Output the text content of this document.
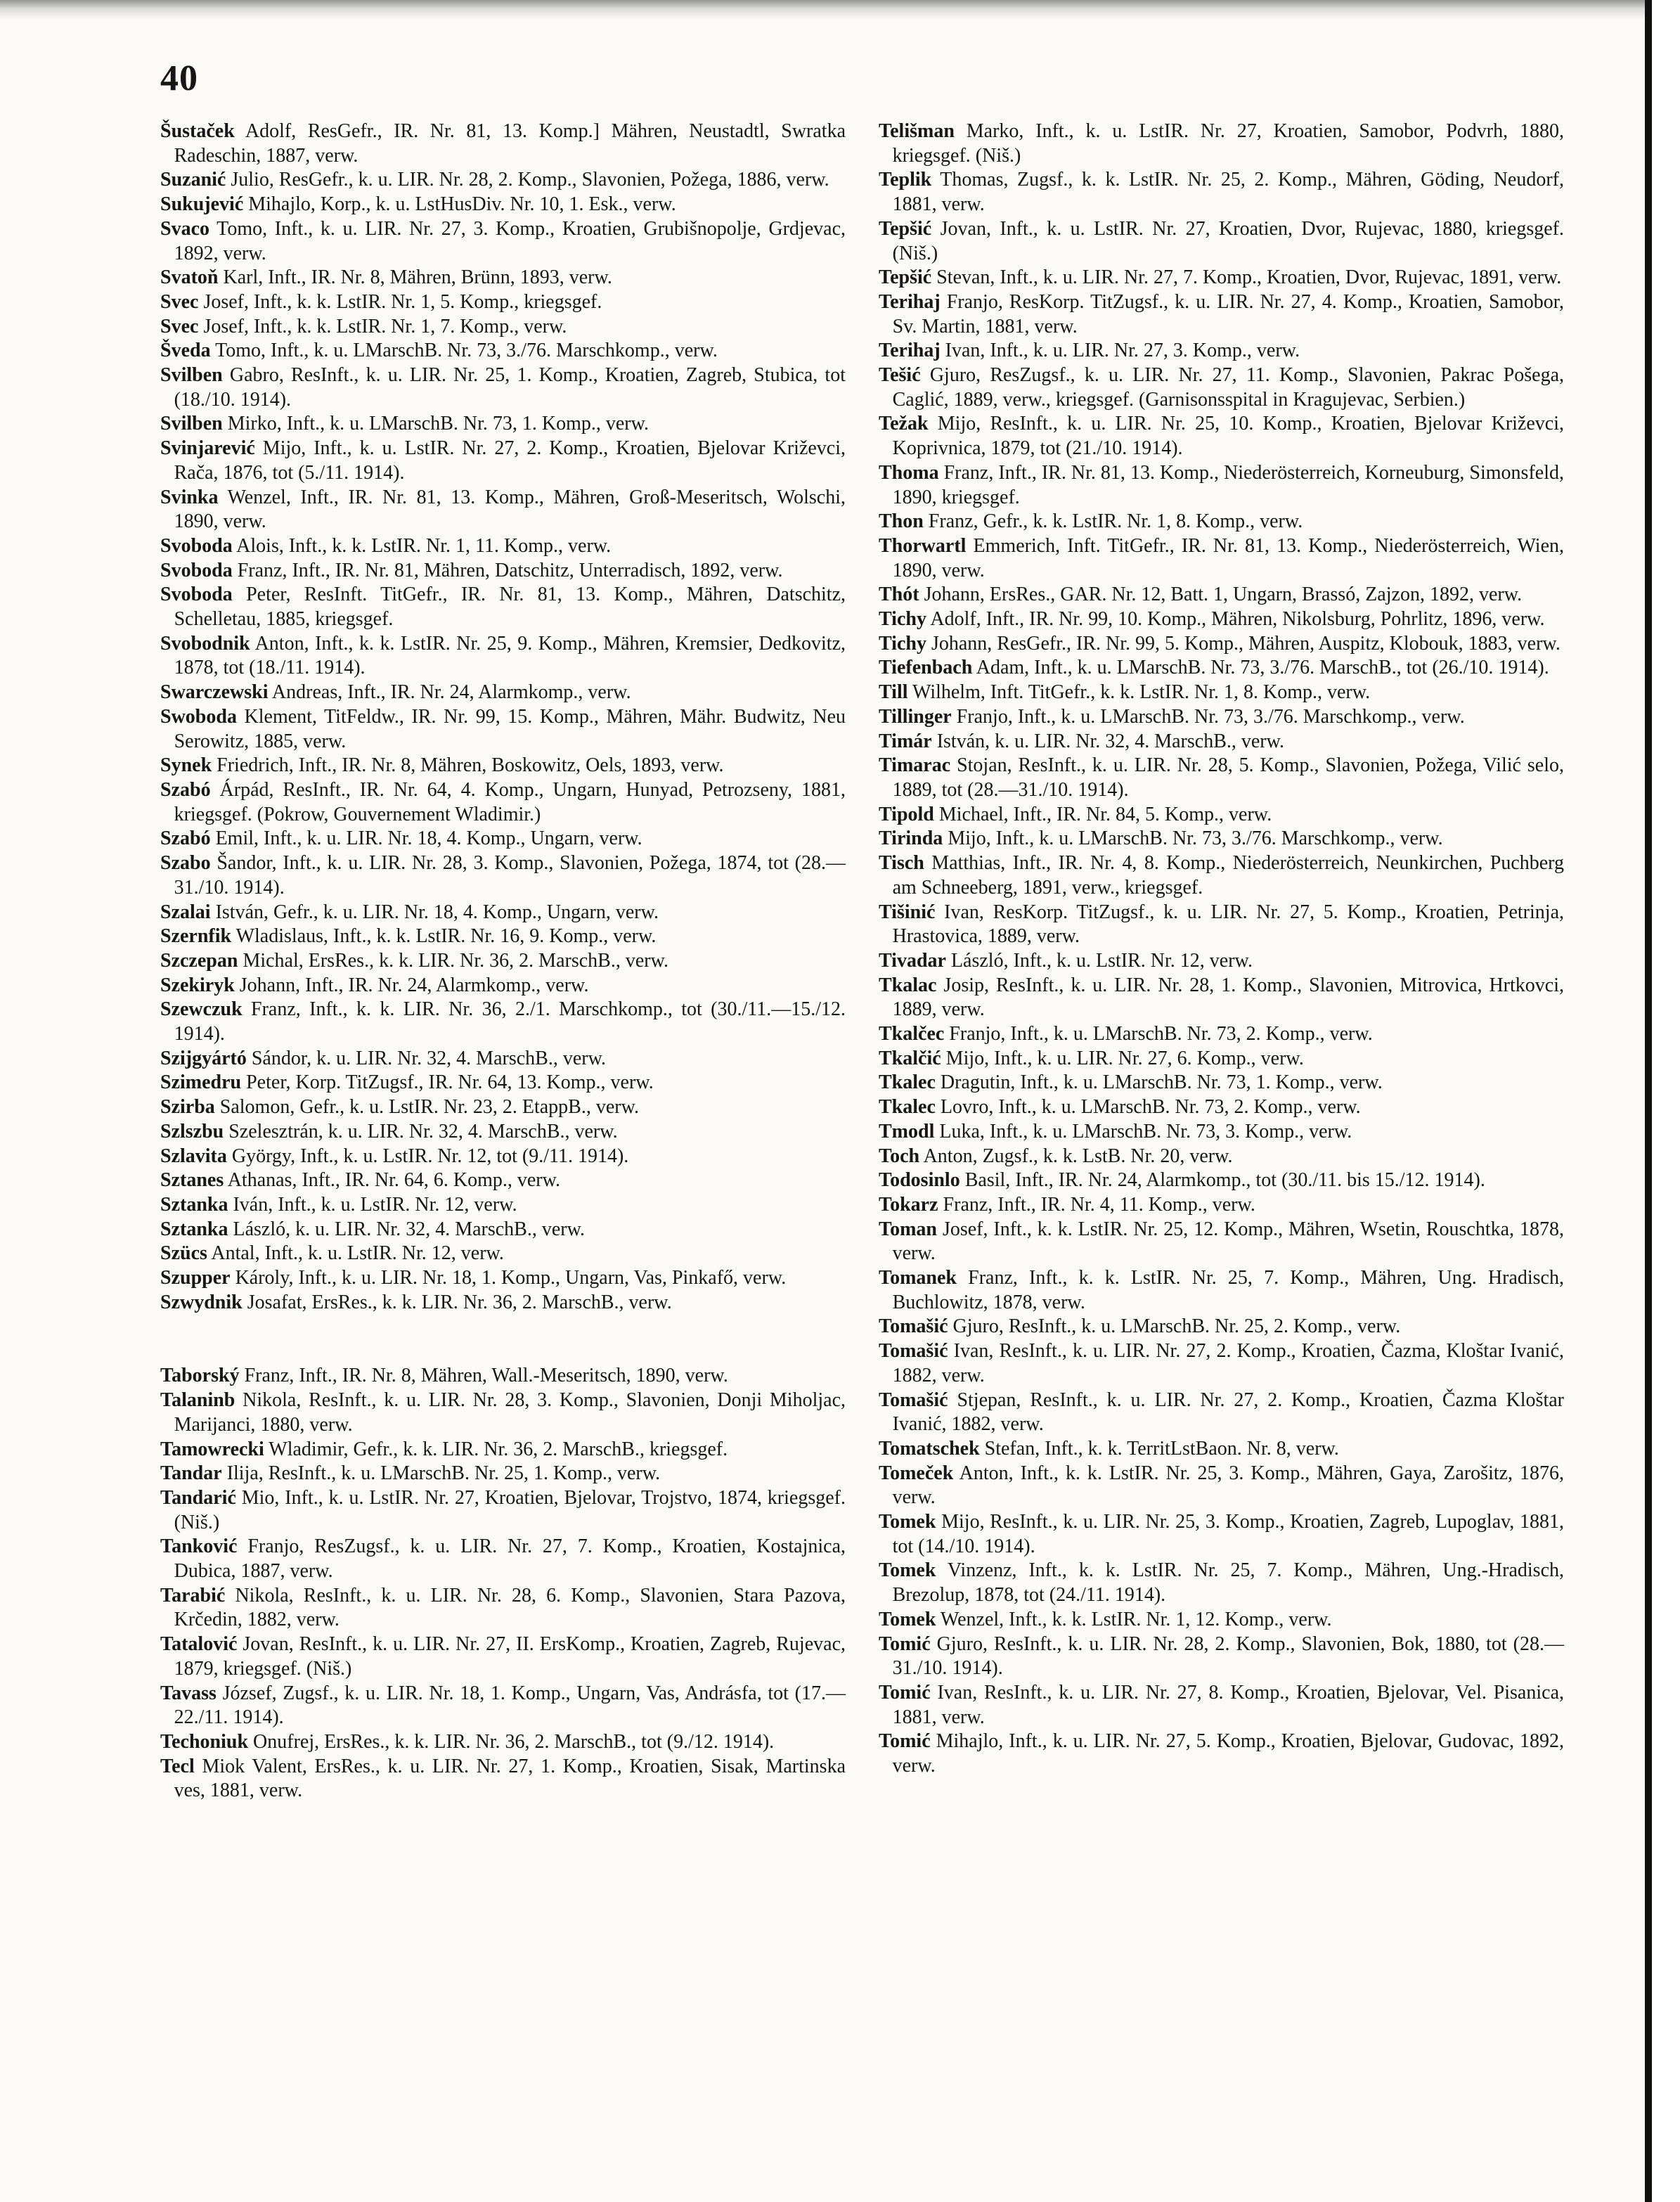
40

Šustaček Adolf, ResGefr., IR. Nr. 81, 13. Komp.] Mähren, Neustadtl, Swratka Radeschin, 1887, verw.

Suzanić Julio, ResGefr., k. u. LIR. Nr. 28, 2. Komp., Slavonien, Požega, 1886, verw.

Sukujević Mihajlo, Korp., k. u. LstHusDiv. Nr. 10, 1. Esk., verw.

Svaco Tomo, Inft., k. u. LIR. Nr. 27, 3. Komp., Kroatien, Grubišnopolje, Grdjevac, 1892, verw.

Svatoň Karl, Inft., IR. Nr. 8, Mähren, Brünn, 1893, verw.

Svec Josef, Inft., k. k. LstIR. Nr. 1, 5. Komp., kriegsgef.

Svec Josef, Inft., k. k. LstIR. Nr. 1, 7. Komp., verw.

Šveda Tomo, Inft., k. u. LMarschB. Nr. 73, 3./76. Marschkomp., verw.

Svilben Gabro, ResInft., k. u. LIR. Nr. 25, 1. Komp., Kroatien, Zagreb, Stubica, tot (18./10. 1914).

Svilben Mirko, Inft., k. u. LMarschB. Nr. 73, 1. Komp., verw.

Svinjarević Mijo, Inft., k. u. LstIR. Nr. 27, 2. Komp., Kroatien, Bjelovar Križevci, Rača, 1876, tot (5./11. 1914).

Svinka Wenzel, Inft., IR. Nr. 81, 13. Komp., Mähren, Groß-Meseritsch, Wolschi, 1890, verw.

Svoboda Alois, Inft., k. k. LstIR. Nr. 1, 11. Komp., verw.

Svoboda Franz, Inft., IR. Nr. 81, Mähren, Datschitz, Unterradisch, 1892, verw.

Svoboda Peter, ResInft. TitGefr., IR. Nr. 81, 13. Komp., Mähren, Datschitz, Schelletau, 1885, kriegsgef.

Svobodnik Anton, Inft., k. k. LstIR. Nr. 25, 9. Komp., Mähren, Kremsier, Dedkovitz, 1878, tot (18./11. 1914).

Swarczewski Andreas, Inft., IR. Nr. 24, Alarmkomp., verw.

Swoboda Klement, TitFeldw., IR. Nr. 99, 15. Komp., Mähren, Mähr. Budwitz, Neu Serowitz, 1885, verw.

Synek Friedrich, Inft., IR. Nr. 8, Mähren, Boskowitz, Oels, 1893, verw.

Szabó Árpád, ResInft., IR. Nr. 64, 4. Komp., Ungarn, Hunyad, Petrozseny, 1881, kriegsgef. (Pokrow, Gouvernement Wladimir.)

Szabó Emil, Inft., k. u. LIR. Nr. 18, 4. Komp., Ungarn, verw.

Szabo Šandor, Inft., k. u. LIR. Nr. 28, 3. Komp., Slavonien, Požega, 1874, tot (28.—31./10. 1914).

Szalai István, Gefr., k. u. LIR. Nr. 18, 4. Komp., Ungarn, verw.

Szernfik Wladislaus, Inft., k. k. LstIR. Nr. 16, 9. Komp., verw.

Szczepan Michal, ErsRes., k. k. LIR. Nr. 36, 2. MarschB., verw.

Szekiryk Johann, Inft., IR. Nr. 24, Alarmkomp., verw.

Szewczuk Franz, Inft., k. k. LIR. Nr. 36, 2./1. Marschkomp., tot (30./11.—15./12. 1914).

Szijgyártó Sándor, k. u. LIR. Nr. 32, 4. MarschB., verw.

Szimedru Peter, Korp. TitZugsf., IR. Nr. 64, 13. Komp., verw.

Szirba Salomon, Gefr., k. u. LstIR. Nr. 23, 2. EtappB., verw.

Szlszbu Szelesztrán, k. u. LIR. Nr. 32, 4. MarschB., verw.

Szlavita György, Inft., k. u. LstIR. Nr. 12, tot (9./11. 1914).

Sztanes Athanas, Inft., IR. Nr. 64, 6. Komp., verw.

Sztanka Iván, Inft., k. u. LstIR. Nr. 12, verw.

Sztanka László, k. u. LIR. Nr. 32, 4. MarschB., verw.

Szücs Antal, Inft., k. u. LstIR. Nr. 12, verw.

Szupper Károly, Inft., k. u. LIR. Nr. 18, 1. Komp., Ungarn, Vas, Pinkafő, verw.

Szwydnik Josafat, ErsRes., k. k. LIR. Nr. 36, 2. MarschB., verw.

Taborský Franz, Inft., IR. Nr. 8, Mähren, Wall.-Meseritsch, 1890, verw.

Talaninb Nikola, ResInft., k. u. LIR. Nr. 28, 3. Komp., Slavonien, Donji Miholjac, Marijanci, 1880, verw.

Tamowrecki Wladimir, Gefr., k. k. LIR. Nr. 36, 2. MarschB., kriegsgef.

Tandar Ilija, ResInft., k. u. LMarschB. Nr. 25, 1. Komp., verw.

Tandarić Mio, Inft., k. u. LstIR. Nr. 27, Kroatien, Bjelovar, Trojstvo, 1874, kriegsgef. (Niš.)

Tanković Franjo, ResZugsf., k. u. LIR. Nr. 27, 7. Komp., Kroatien, Kostajnica, Dubica, 1887, verw.

Tarabić Nikola, ResInft., k. u. LIR. Nr. 28, 6. Komp., Slavonien, Stara Pazova, Krčedin, 1882, verw.

Tatalović Jovan, ResInft., k. u. LIR. Nr. 27, II. ErsKomp., Kroatien, Zagreb, Rujevac, 1879, kriegsgef. (Niš.)

Tavass József, Zugsf., k. u. LIR. Nr. 18, 1. Komp., Ungarn, Vas, Andrásfa, tot (17.—22./11. 1914).

Techoniuk Onufrej, ErsRes., k. k. LIR. Nr. 36, 2. MarschB., tot (9./12. 1914).

Tecl Miok Valent, ErsRes., k. u. LIR. Nr. 27, 1. Komp., Kroatien, Sisak, Martinska ves, 1881, verw.

Telišman Marko, Inft., k. u. LstIR. Nr. 27, Kroatien, Samobor, Podvrh, 1880, kriegsgef. (Niš.)

Teplik Thomas, Zugsf., k. k. LstIR. Nr. 25, 2. Komp., Mähren, Göding, Neudorf, 1881, verw.

Tepšić Jovan, Inft., k. u. LstIR. Nr. 27, Kroatien, Dvor, Rujevac, 1880, kriegsgef. (Niš.)

Tepšić Stevan, Inft., k. u. LIR. Nr. 27, 7. Komp., Kroatien, Dvor, Rujevac, 1891, verw.

Terihaj Franjo, ResKorp. TitZugsf., k. u. LIR. Nr. 27, 4. Komp., Kroatien, Samobor, Sv. Martin, 1881, verw.

Terihaj Ivan, Inft., k. u. LIR. Nr. 27, 3. Komp., verw.

Tešić Gjuro, ResZugsf., k. u. LIR. Nr. 27, 11. Komp., Slavonien, Pakrac Pošega, Caglić, 1889, verw., kriegsgef. (Garnisonsspital in Kragujevac, Serbien.)

Težak Mijo, ResInft., k. u. LIR. Nr. 25, 10. Komp., Kroatien, Bjelovar Križevci, Koprivnica, 1879, tot (21./10. 1914).

Thoma Franz, Inft., IR. Nr. 81, 13. Komp., Niederösterreich, Korneuburg, Simonsfeld, 1890, kriegsgef.

Thon Franz, Gefr., k. k. LstIR. Nr. 1, 8. Komp., verw.

Thorwartl Emmerich, Inft. TitGefr., IR. Nr. 81, 13. Komp., Niederösterreich, Wien, 1890, verw.

Thót Johann, ErsRes., GAR. Nr. 12, Batt. 1, Ungarn, Brassó, Zajzon, 1892, verw.

Tichy Adolf, Inft., IR. Nr. 99, 10. Komp., Mähren, Nikolsburg, Pohrlitz, 1896, verw.

Tichy Johann, ResGefr., IR. Nr. 99, 5. Komp., Mähren, Auspitz, Klobouk, 1883, verw.

Tiefenbach Adam, Inft., k. u. LMarschB. Nr. 73, 3./76. MarschB., tot (26./10. 1914).

Till Wilhelm, Inft. TitGefr., k. k. LstIR. Nr. 1, 8. Komp., verw.

Tillinger Franjo, Inft., k. u. LMarschB. Nr. 73, 3./76. Marschkomp., verw.

Timár István, k. u. LIR. Nr. 32, 4. MarschB., verw.

Timarac Stojan, ResInft., k. u. LIR. Nr. 28, 5. Komp., Slavonien, Požega, Vilić selo, 1889, tot (28.—31./10. 1914).

Tipold Michael, Inft., IR. Nr. 84, 5. Komp., verw.

Tirinda Mijo, Inft., k. u. LMarschB. Nr. 73, 3./76. Marschkomp., verw.

Tisch Matthias, Inft., IR. Nr. 4, 8. Komp., Niederösterreich, Neunkirchen, Puchberg am Schneeberg, 1891, verw., kriegsgef.

Tišinić Ivan, ResKorp. TitZugsf., k. u. LIR. Nr. 27, 5. Komp., Kroatien, Petrinja, Hrastovica, 1889, verw.

Tivadar László, Inft., k. u. LstIR. Nr. 12, verw.

Tkalac Josip, ResInft., k. u. LIR. Nr. 28, 1. Komp., Slavonien, Mitrovica, Hrtkovci, 1889, verw.

Tkalčec Franjo, Inft., k. u. LMarschB. Nr. 73, 2. Komp., verw.

Tkalčić Mijo, Inft., k. u. LIR. Nr. 27, 6. Komp., verw.

Tkalec Dragutin, Inft., k. u. LMarschB. Nr. 73, 1. Komp., verw.

Tkalec Lovro, Inft., k. u. LMarschB. Nr. 73, 2. Komp., verw.

Tmodl Luka, Inft., k. u. LMarschB. Nr. 73, 3. Komp., verw.

Toch Anton, Zugsf., k. k. LstB. Nr. 20, verw.

Todosinlo Basil, Inft., IR. Nr. 24, Alarmkomp., tot (30./11. bis 15./12. 1914).

Tokarz Franz, Inft., IR. Nr. 4, 11. Komp., verw.

Toman Josef, Inft., k. k. LstIR. Nr. 25, 12. Komp., Mähren, Wsetin, Rouschtka, 1878, verw.

Tomanek Franz, Inft., k. k. LstIR. Nr. 25, 7. Komp., Mähren, Ung. Hradisch, Buchlowitz, 1878, verw.

Tomašić Gjuro, ResInft., k. u. LMarschB. Nr. 25, 2. Komp., verw.

Tomašić Ivan, ResInft., k. u. LIR. Nr. 27, 2. Komp., Kroatien, Čazma, Kloštar Ivanić, 1882, verw.

Tomašić Stjepan, ResInft., k. u. LIR. Nr. 27, 2. Komp., Kroatien, Čazma Kloštar Ivanić, 1882, verw.

Tomatschek Stefan, Inft., k. k. TerritLstBaon. Nr. 8, verw.

Tomeček Anton, Inft., k. k. LstIR. Nr. 25, 3. Komp., Mähren, Gaya, Zarošitz, 1876, verw.

Tomek Mijo, ResInft., k. u. LIR. Nr. 25, 3. Komp., Kroatien, Zagreb, Lupoglav, 1881, tot (14./10. 1914).

Tomek Vinzenz, Inft., k. k. LstIR. Nr. 25, 7. Komp., Mähren, Ung.-Hradisch, Brezolup, 1878, tot (24./11. 1914).

Tomek Wenzel, Inft., k. k. LstIR. Nr. 1, 12. Komp., verw.

Tomić Gjuro, ResInft., k. u. LIR. Nr. 28, 2. Komp., Slavonien, Bok, 1880, tot (28.—31./10. 1914).

Tomić Ivan, ResInft., k. u. LIR. Nr. 27, 8. Komp., Kroatien, Bjelovar, Vel. Pisanica, 1881, verw.

Tomić Mihajlo, Inft., k. u. LIR. Nr. 27, 5. Komp., Kroatien, Bjelovar, Gudovac, 1892, verw.
